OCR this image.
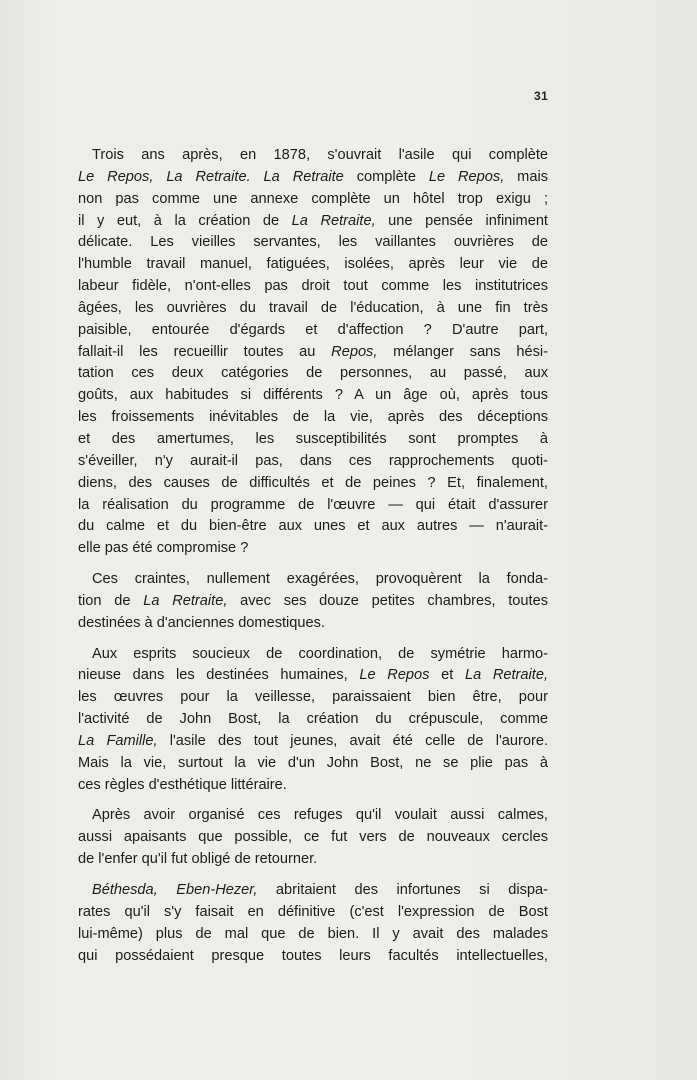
31

Trois ans après, en 1878, s'ouvrait l'asile qui complète
Le Repos, La Retraite. La Retraite complète Le Repos, mais
non pas comme une annexe complète un hôtel trop exigu ;
il y eut, à la création de La Retraite, une pensée infiniment
délicate. Les vieilles servantes, les vaillantes ouvrières de
l'humble travail manuel, fatiguées, isolées, après leur vie de
labeur fidèle, n'ont-elles pas droit tout comme les institutrices
âgées, les ouvrières du travail de l'éducation, à une fin très
paisible, entourée d'égards et d'affection ? D'autre part,
fallait-il les recueillir toutes au Repos, mélanger sans hési-
tation ces deux catégories de personnes, au passé, aux
goûts, aux habitudes si différents ? A un âge où, après tous
les froissements inévitables de la vie, après des déceptions
et des amertumes, les susceptibilités sont promptes à
s'éveiller, n'y aurait-il pas, dans ces rapprochements quoti-
diens, des causes de difficultés et de peines ? Et, finalement,
la réalisation du programme de l'œuvre — qui était d'assurer
du calme et du bien-être aux unes et aux autres — n'aurait-
elle pas été compromise ?

Ces craintes, nullement exagérées, provoquèrent la fonda-
tion de La Retraite, avec ses douze petites chambres, toutes
destinées à d'anciennes domestiques.

Aux esprits soucieux de coordination, de symétrie harmo-
nieuse dans les destinées humaines, Le Repos et La Retraite,
les œuvres pour la veillesse, paraissaient bien être, pour
l'activité de John Bost, la création du crépuscule, comme
La Famille, l'asile des tout jeunes, avait été celle de l'aurore.
Mais la vie, surtout la vie d'un John Bost, ne se plie pas à
ces règles d'esthétique littéraire.

Après avoir organisé ces refuges qu'il voulait aussi calmes,
aussi apaisants que possible, ce fut vers de nouveaux cercles
de l'enfer qu'il fut obligé de retourner.

Béthesda, Eben-Hezer, abritaient des infortunes si dispa-
rates qu'il s'y faisait en définitive (c'est l'expression de Bost
lui-même) plus de mal que de bien. Il y avait des malades
qui possédaient presque toutes leurs facultés intellectuelles,
